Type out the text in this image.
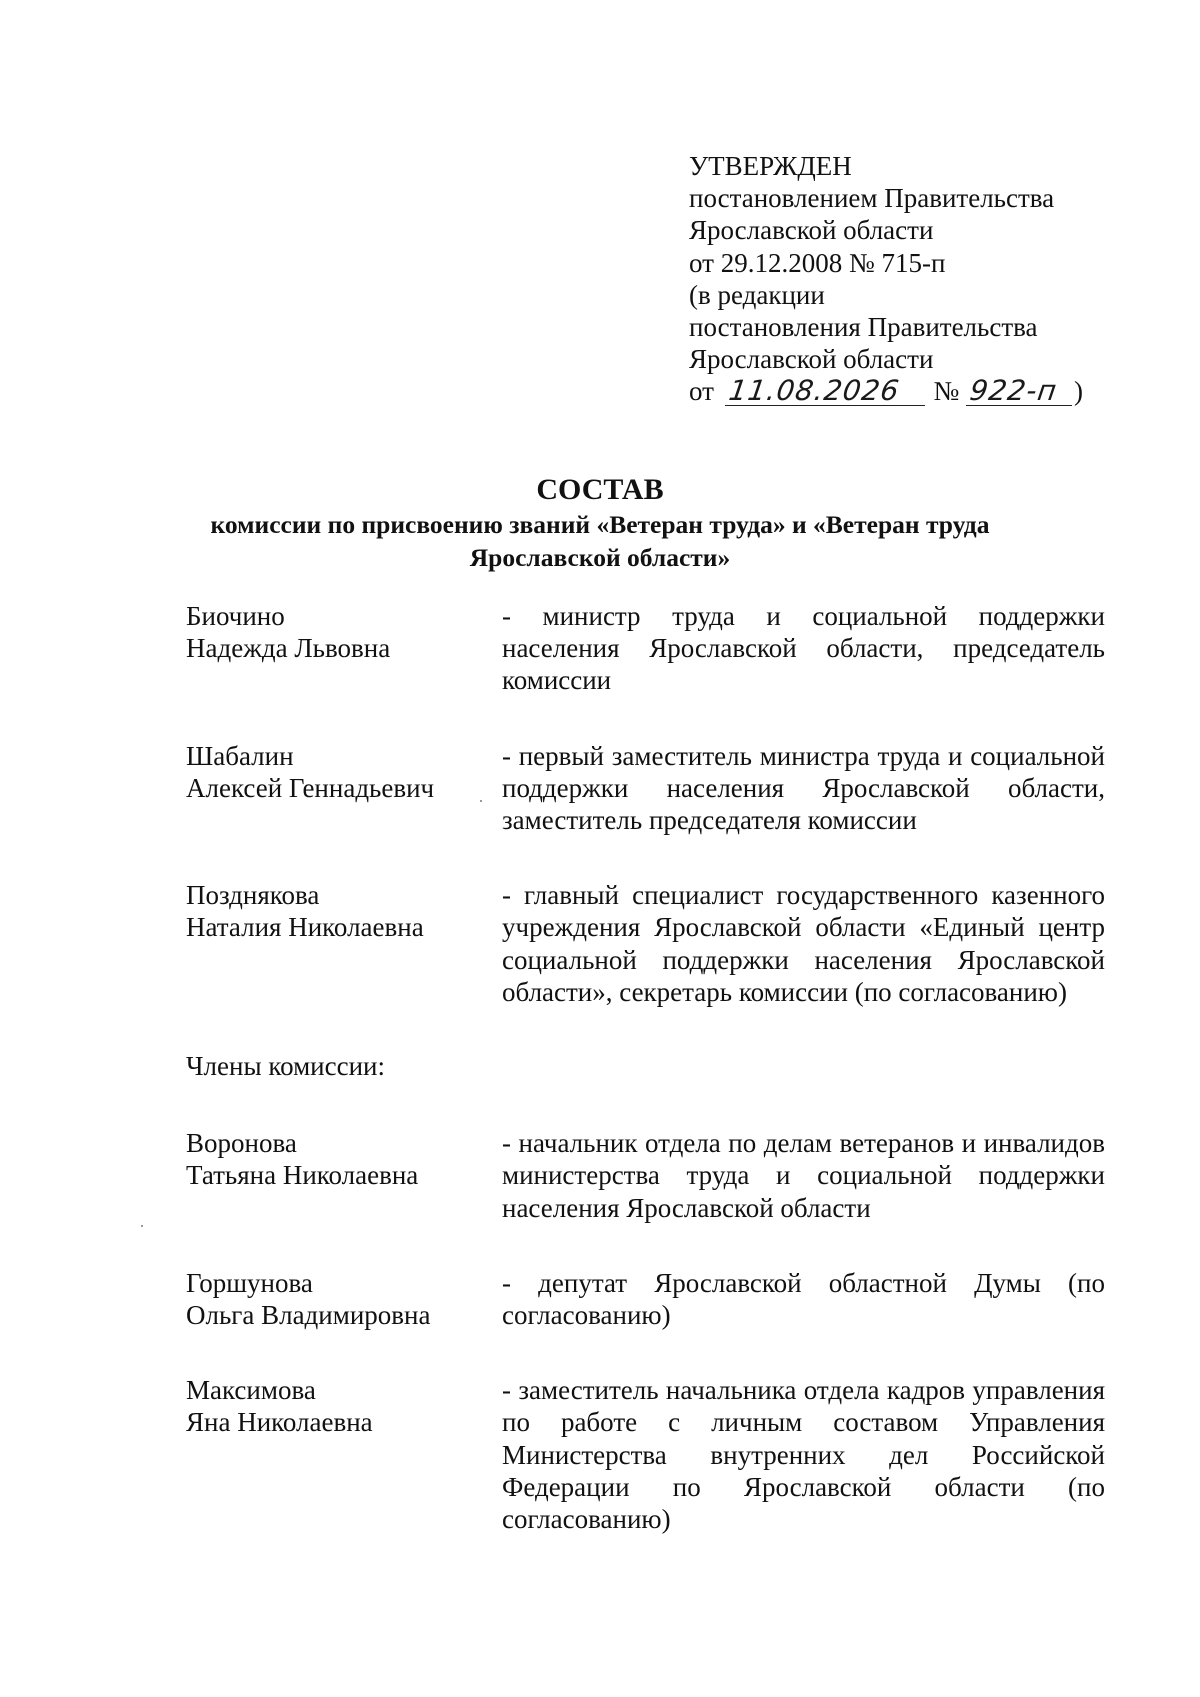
УТВЕРЖДЕН
постановлением Правительства
Ярославской области
от 29.12.2008 № 715-п
(в редакции
постановления Правительства
Ярославской области
от 11.08.2026 № 922-п )
СОСТАВ
комиссии по присвоению званий «Ветеран труда» и «Ветеран труда Ярославской области»
Биочино
Надежда Львовна
- министр труда и социальной поддержки населения Ярославской области, председатель комиссии
Шабалин
Алексей Геннадьевич
- первый заместитель министра труда и социальной поддержки населения Ярославской области, заместитель председателя комиссии
Позднякова
Наталия Николаевна
- главный специалист государственного казенного учреждения Ярославской области «Единый центр социальной поддержки населения Ярославской области», секретарь комиссии (по согласованию)
Члены комиссии:
Воронова
Татьяна Николаевна
- начальник отдела по делам ветеранов и инвалидов министерства труда и социальной поддержки населения Ярославской области
Горшунова
Ольга Владимировна
- депутат Ярославской областной Думы (по согласованию)
Максимова
Яна Николаевна
- заместитель начальника отдела кадров управления по работе с личным составом Управления Министерства внутренних дел Российской Федерации по Ярославской области (по согласованию)
